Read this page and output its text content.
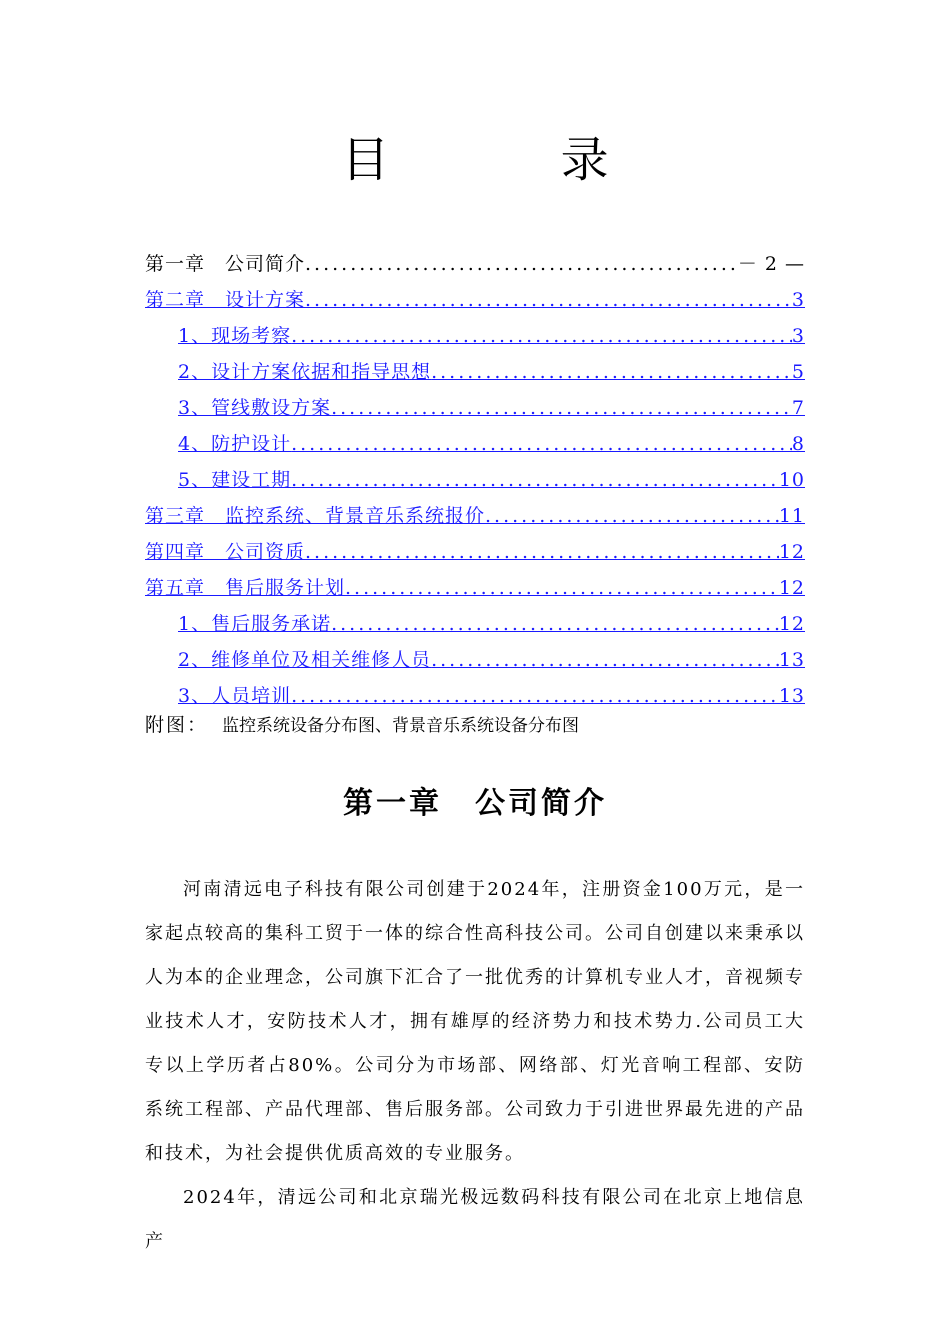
目 录
第一章　公司简介 .....	－ 2 —
第二章　设计方案 .....	3
1、现场考察 .....	3
2、设计方案依据和指导思想 .....	5
3、管线敷设方案 .....	7
4、防护设计 .....	8
5、建设工期 .....	10
第三章　监控系统、背景音乐系统报价 .....	11
第四章　公司资质 .....	12
第五章　售后服务计划 .....	12
1、售后服务承诺 .....	12
2、维修单位及相关维修人员 .....	13
3、人员培训 .....	13
附图： 监控系统设备分布图、背景音乐系统设备分布图
第一章　公司简介

河南清远电子科技有限公司创建于2024年，注册资金100万元，是一家起点较高的集科工贸于一体的综合性高科技公司。公司自创建以来秉承以人为本的企业理念，公司旗下汇合了一批优秀的计算机专业人才，音视频专业技术人才，安防技术人才，拥有雄厚的经济势力和技术势力.公司员工大专以上学历者占80%。公司分为市场部、网络部、灯光音响工程部、安防系统工程部、产品代理部、售后服务部。公司致力于引进世界最先进的产品和技术，为社会提供优质高效的专业服务。

2024年，清远公司和北京瑞光极远数码科技有限公司在北京上地信息产
